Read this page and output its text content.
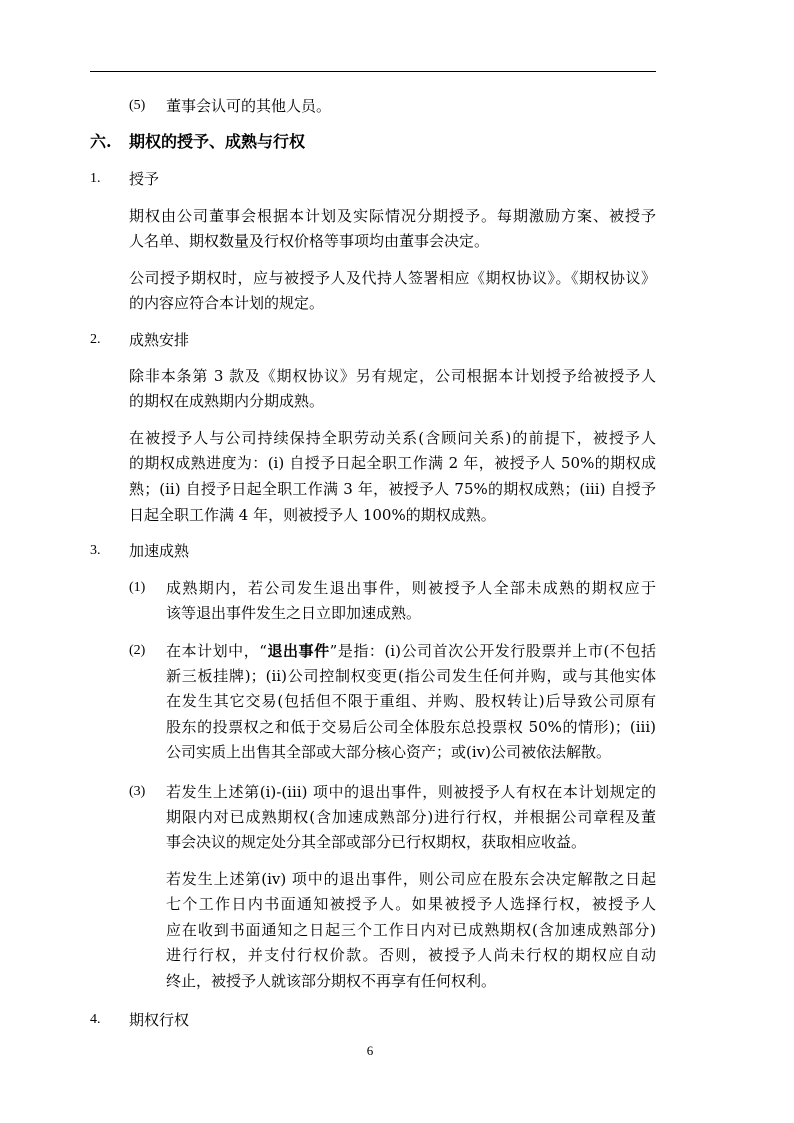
(5) 董事会认可的其他人员。
六. 期权的授予、成熟与行权
1. 授予
期权由公司董事会根据本计划及实际情况分期授予。每期激励方案、被授予
人名单、期权数量及行权价格等事项均由董事会决定。
公司授予期权时，应与被授予人及代持人签署相应《期权协议》。《期权协议》
的内容应符合本计划的规定。
2. 成熟安排
除非本条第 3 款及《期权协议》另有规定，公司根据本计划授予给被授予人
的期权在成熟期内分期成熟。
在被授予人与公司持续保持全职劳动关系(含顾问关系)的前提下，被授予人
的期权成熟进度为：(i) 自授予日起全职工作满 2 年，被授予人 50%的期权成
熟；(ii) 自授予日起全职工作满 3 年，被授予人 75%的期权成熟；(iii) 自授予
日起全职工作满 4 年，则被授予人 100%的期权成熟。
3. 加速成熟
(1) 成熟期内，若公司发生退出事件，则被授予人全部未成熟的期权应于
该等退出事件发生之日立即加速成熟。
(2) 在本计划中，“退出事件”是指：(i)公司首次公开发行股票并上市(不包括
新三板挂牌)；(ii)公司控制权变更(指公司发生任何并购，或与其他实体
在发生其它交易(包括但不限于重组、并购、股权转让)后导致公司原有
股东的投票权之和低于交易后公司全体股东总投票权 50%的情形)；(iii)
公司实质上出售其全部或大部分核心资产；或(iv)公司被依法解散。
(3) 若发生上述第(i)-(iii) 项中的退出事件，则被授予人有权在本计划规定的
期限内对已成熟期权(含加速成熟部分)进行行权，并根据公司章程及董
事会决议的规定处分其全部或部分已行权期权，获取相应收益。
若发生上述第(iv) 项中的退出事件，则公司应在股东会决定解散之日起
七个工作日内书面通知被授予人。如果被授予人选择行权，被授予人
应在收到书面通知之日起三个工作日内对已成熟期权(含加速成熟部分)
进行行权，并支付行权价款。否则，被授予人尚未行权的期权应自动
终止，被授予人就该部分期权不再享有任何权利。
4. 期权行权
6
